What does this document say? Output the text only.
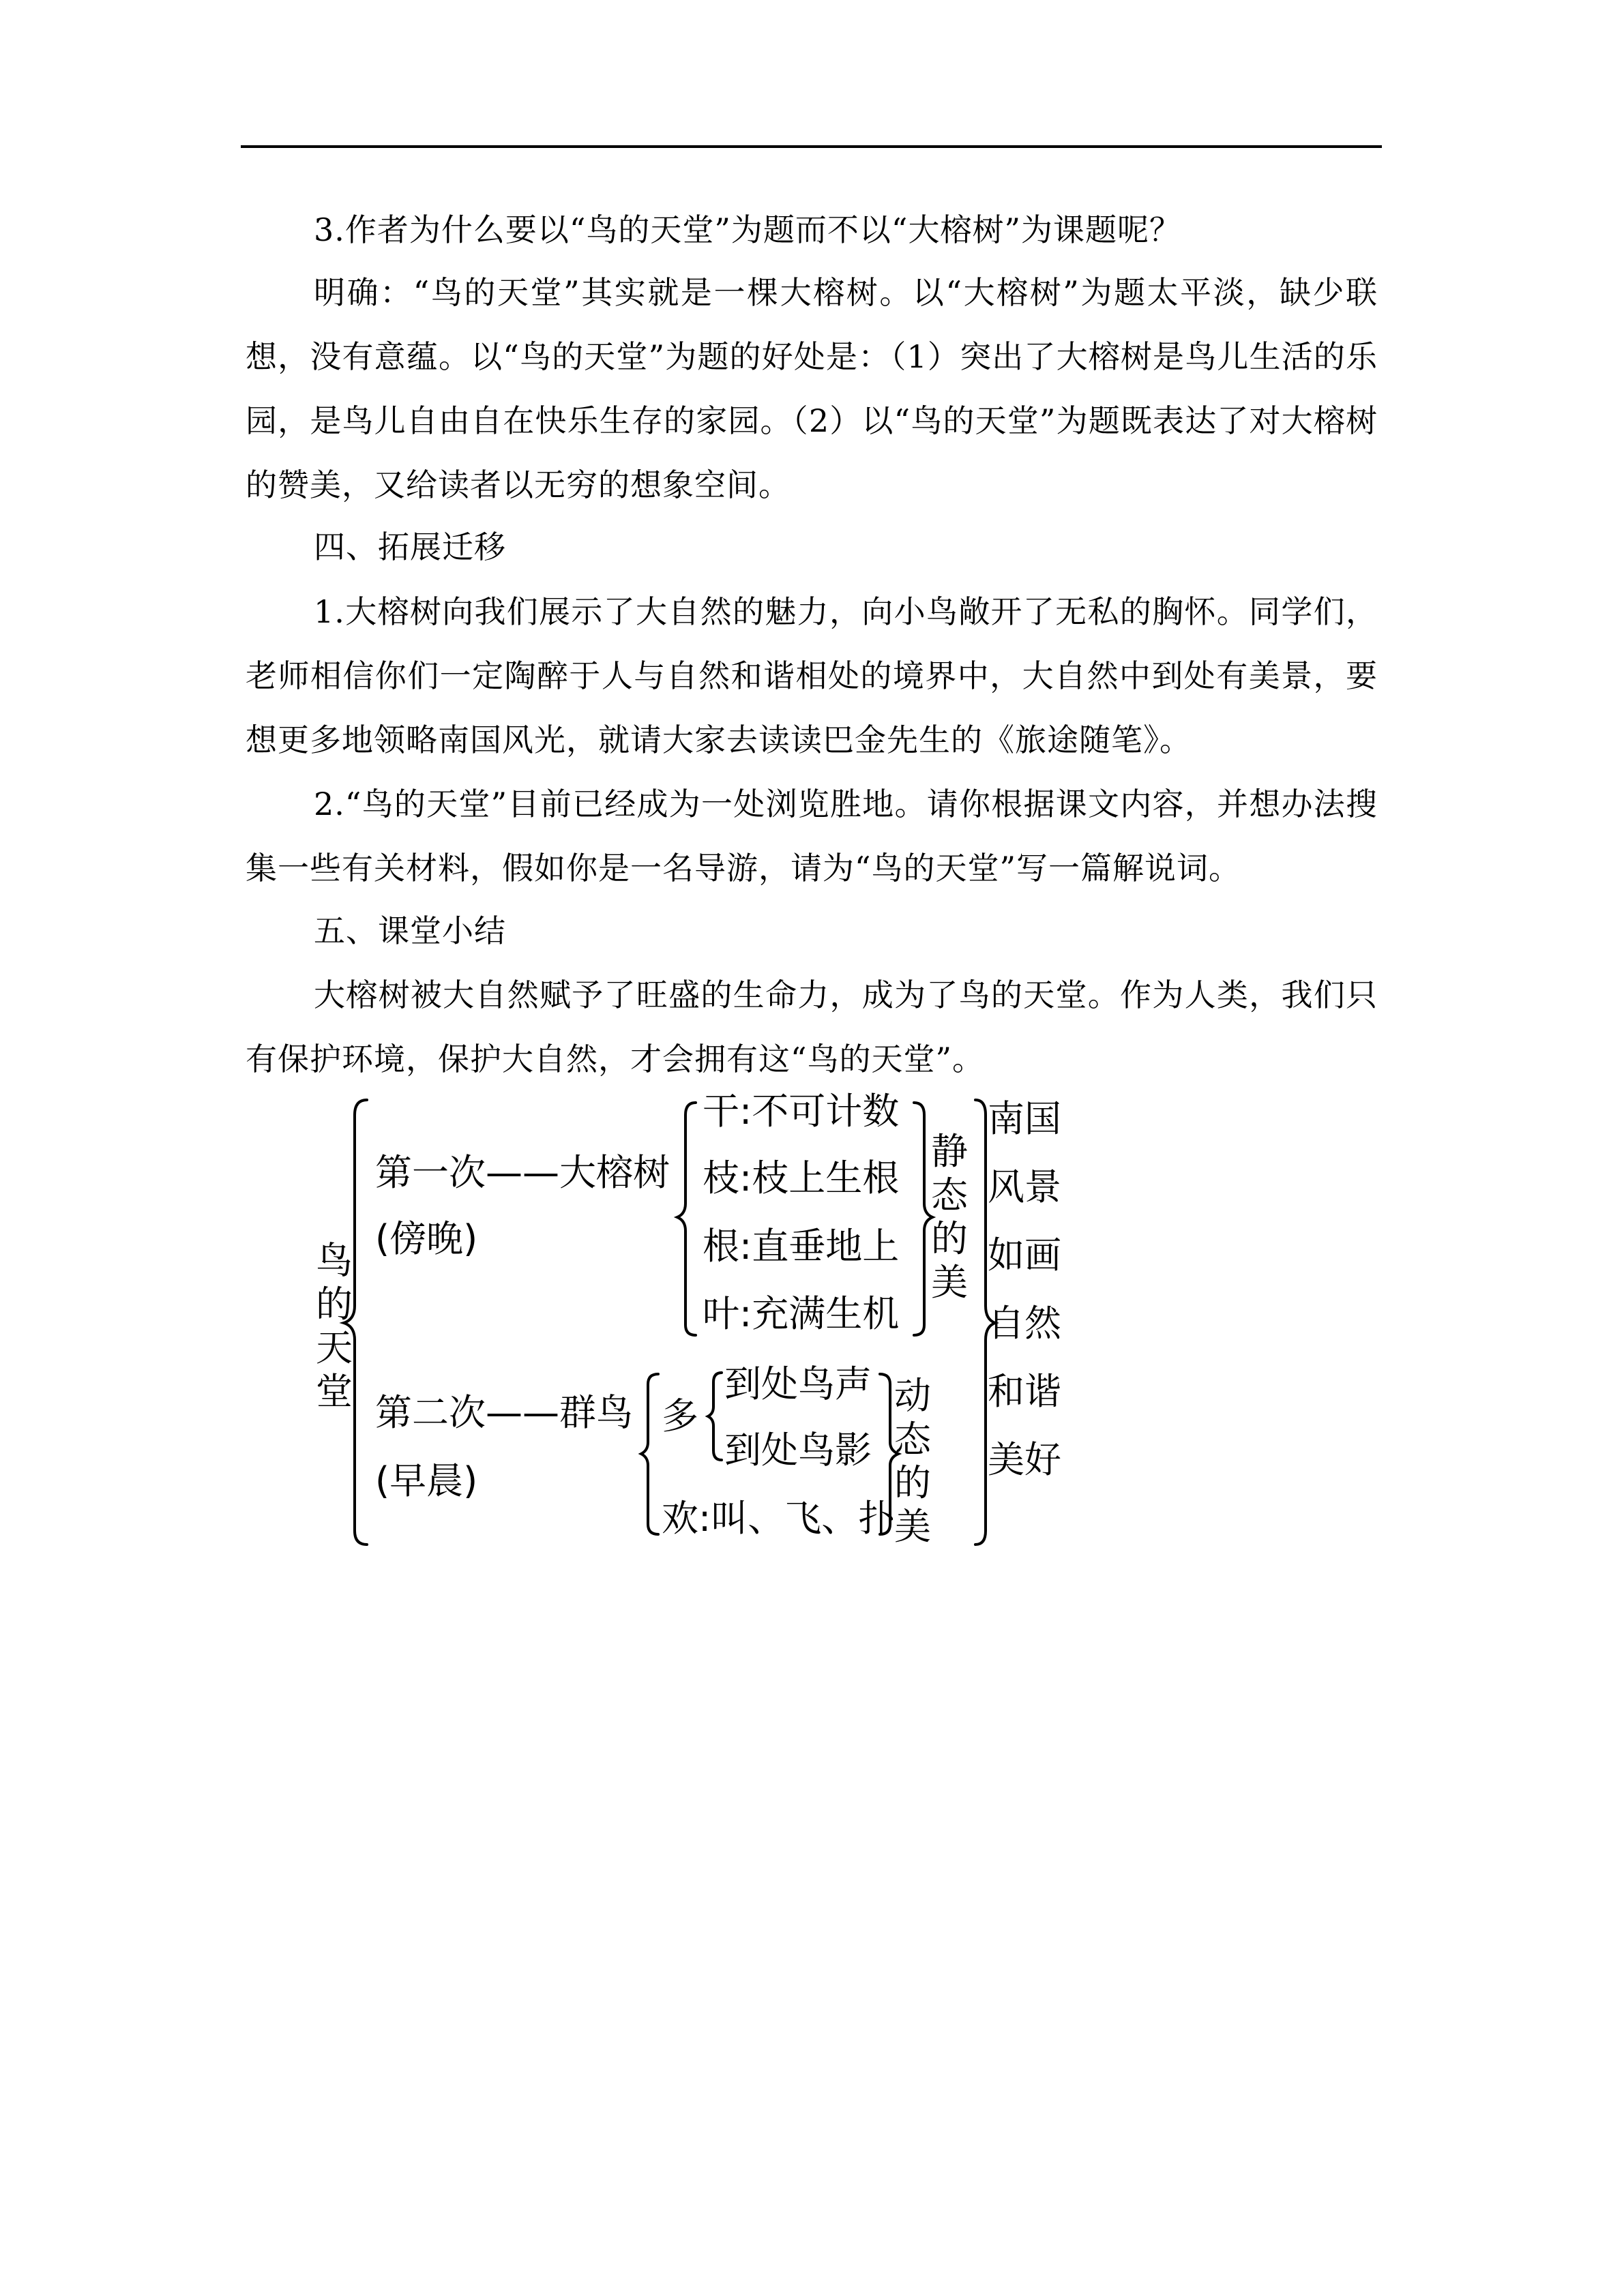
3.作者为什么要以“鸟的天堂”为题而不以“大榕树”为课题呢？

明确：“鸟的天堂”其实就是一棵大榕树。以“大榕树”为题太平淡，缺少联想，没有意蕴。以“鸟的天堂”为题的好处是：（1）突出了大榕树是鸟儿生活的乐园，是鸟儿自由自在快乐生存的家园。（2）以“鸟的天堂”为题既表达了对大榕树的赞美，又给读者以无穷的想象空间。

四、拓展迁移

1.大榕树向我们展示了大自然的魅力，向小鸟敞开了无私的胸怀。同学们，老师相信你们一定陶醉于人与自然和谐相处的境界中，大自然中到处有美景，要想更多地领略南国风光，就请大家去读读巴金先生的《旅途随笔》。

2.“鸟的天堂”目前已经成为一处浏览胜地。请你根据课文内容，并想办法搜集一些有关材料，假如你是一名导游，请为“鸟的天堂”写一篇解说词。

五、课堂小结

大榕树被大自然赋予了旺盛的生命力，成为了鸟的天堂。作为人类，我们只有保护环境，保护大自然，才会拥有这“鸟的天堂”。

鸟的天堂
第一次——大榕树
(傍晚)
干:不可计数
枝:枝上生根
根:直垂地上
叶:充满生机
静态的美
第二次——群鸟
(早晨)
多
到处鸟声
到处鸟影
欢:叫、飞、扑
动态的美
南国
风景
如画
自然
和谐
美好
